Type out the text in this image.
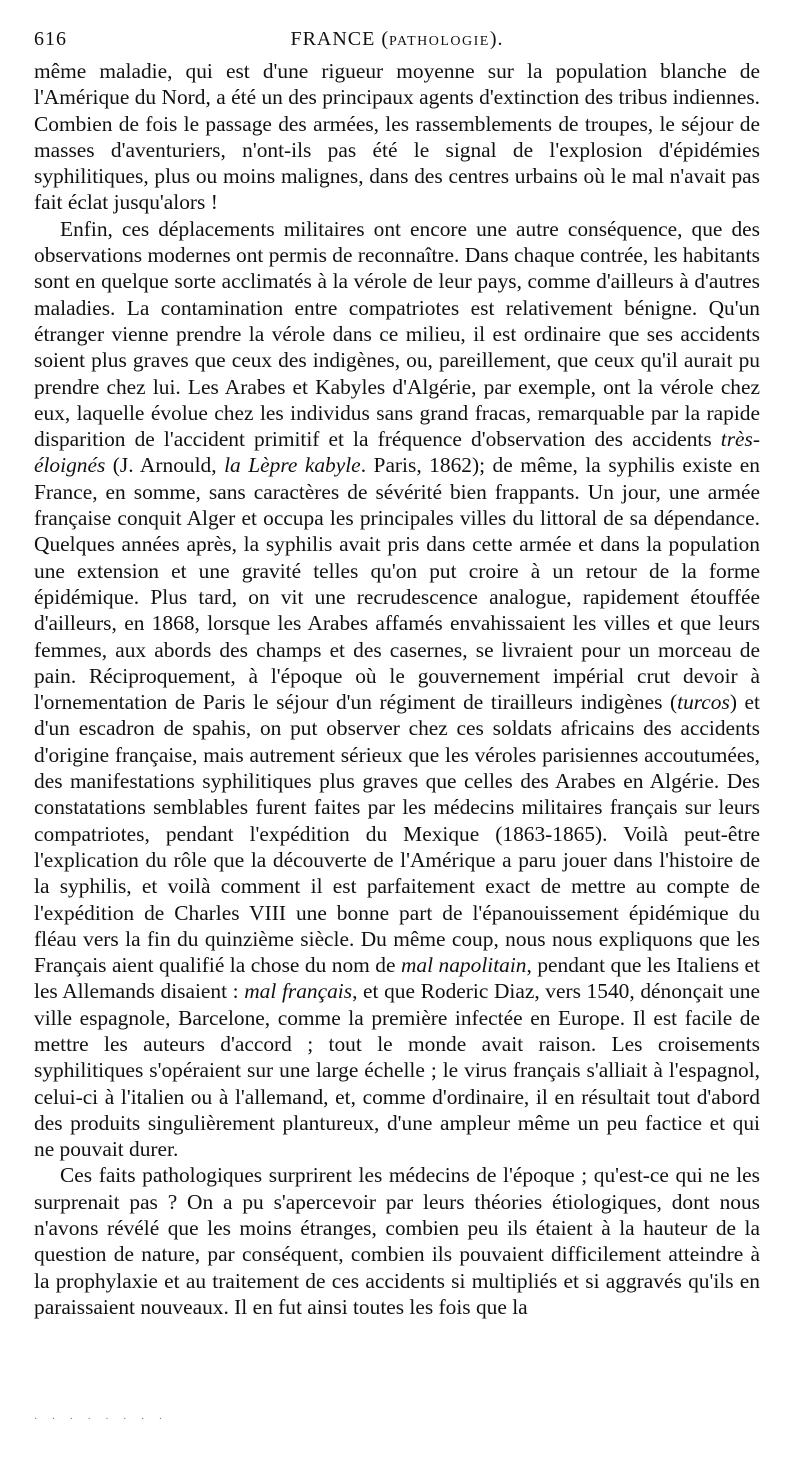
616	FRANCE (PATHOLOGIE).

même maladie, qui est d'une rigueur moyenne sur la population blanche de l'Amérique du Nord, a été un des principaux agents d'extinction des tribus indiennes. Combien de fois le passage des armées, les rassemblements de troupes, le séjour de masses d'aventuriers, n'ont-ils pas été le signal de l'explosion d'épidémies syphilitiques, plus ou moins malignes, dans des centres urbains où le mal n'avait pas fait éclat jusqu'alors !

Enfin, ces déplacements militaires ont encore une autre conséquence, que des observations modernes ont permis de reconnaître. Dans chaque contrée, les habitants sont en quelque sorte acclimatés à la vérole de leur pays, comme d'ailleurs à d'autres maladies. La contamination entre compatriotes est relativement bénigne. Qu'un étranger vienne prendre la vérole dans ce milieu, il est ordinaire que ses accidents soient plus graves que ceux des indigènes, ou, pareillement, que ceux qu'il aurait pu prendre chez lui. Les Arabes et Kabyles d'Algérie, par exemple, ont la vérole chez eux, laquelle évolue chez les individus sans grand fracas, remarquable par la rapide disparition de l'accident primitif et la fréquence d'observation des accidents très-éloignés (J. Arnould, la Lèpre kabyle. Paris, 1862); de même, la syphilis existe en France, en somme, sans caractères de sévérité bien frappants. Un jour, une armée française conquit Alger et occupa les principales villes du littoral de sa dépendance. Quelques années après, la syphilis avait pris dans cette armée et dans la population une extension et une gravité telles qu'on put croire à un retour de la forme épidémique. Plus tard, on vit une recrudescence analogue, rapidement étouffée d'ailleurs, en 1868, lorsque les Arabes affamés envahissaient les villes et que leurs femmes, aux abords des champs et des casernes, se livraient pour un morceau de pain. Réciproquement, à l'époque où le gouvernement impérial crut devoir à l'ornementation de Paris le séjour d'un régiment de tirailleurs indigènes (turcos) et d'un escadron de spahis, on put observer chez ces soldats africains des accidents d'origine française, mais autrement sérieux que les véroles parisiennes accoutumées, des manifestations syphilitiques plus graves que celles des Arabes en Algérie. Des constatations semblables furent faites par les médecins militaires français sur leurs compatriotes, pendant l'expédition du Mexique (1863-1865). Voilà peut-être l'explication du rôle que la découverte de l'Amérique a paru jouer dans l'histoire de la syphilis, et voilà comment il est parfaitement exact de mettre au compte de l'expédition de Charles VIII une bonne part de l'épanouissement épidémique du fléau vers la fin du quinzième siècle. Du même coup, nous nous expliquons que les Français aient qualifié la chose du nom de mal napolitain, pendant que les Italiens et les Allemands disaient : mal français, et que Roderic Diaz, vers 1540, dénonçait une ville espagnole, Barcelone, comme la première infectée en Europe. Il est facile de mettre les auteurs d'accord ; tout le monde avait raison. Les croisements syphilitiques s'opéraient sur une large échelle ; le virus français s'alliait à l'espagnol, celui-ci à l'italien ou à l'allemand, et, comme d'ordinaire, il en résultait tout d'abord des produits singulièrement plantureux, d'une ampleur même un peu factice et qui ne pouvait durer.

Ces faits pathologiques surprirent les médecins de l'époque ; qu'est-ce qui ne les surprenait pas ? On a pu s'apercevoir par leurs théories étiologiques, dont nous n'avons révélé que les moins étranges, combien peu ils étaient à la hauteur de la question de nature, par conséquent, combien ils pouvaient difficilement atteindre à la prophylaxie et au traitement de ces accidents si multipliés et si aggravés qu'ils en paraissaient nouveaux. Il en fut ainsi toutes les fois que la

· · · · · · · ·
